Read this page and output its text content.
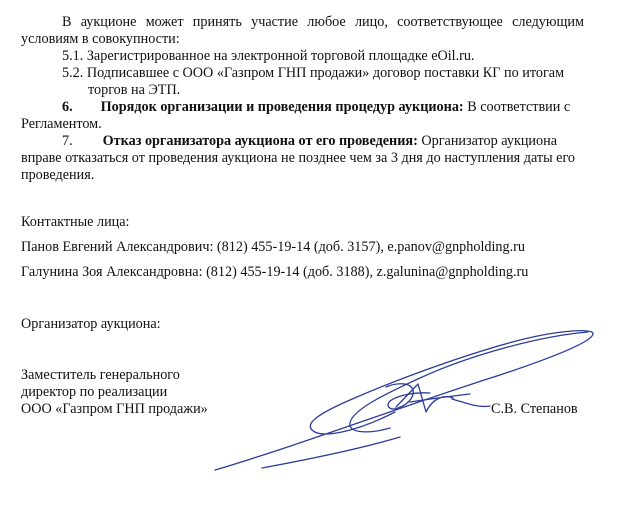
В аукционе может принять участие любое лицо, соответствующее следующим
условиям в совокупности:
5.1. Зарегистрированное на электронной торговой площадке eOil.ru.
5.2. Подписавшее с ООО «Газпром ГНП продажи» договор поставки КГ по итогам
торгов на ЭТП.
6. Порядок организации и проведения процедур аукциона: В соответствии с
Регламентом.
7. Отказ организатора аукциона от его проведения: Организатор аукциона
вправе отказаться от проведения аукциона не позднее чем за 3 дня до наступления даты его
проведения.
Контактные лица:
Панов Евгений Александрович: (812) 455-19-14 (доб. 3157), e.panov@gnpholding.ru
Галунина Зоя Александровна: (812) 455-19-14 (доб. 3188), z.galunina@gnpholding.ru
Организатор аукциона:
Заместитель генерального
директор по реализации
ООО «Газпром ГНП продажи»	С.В. Степанов
